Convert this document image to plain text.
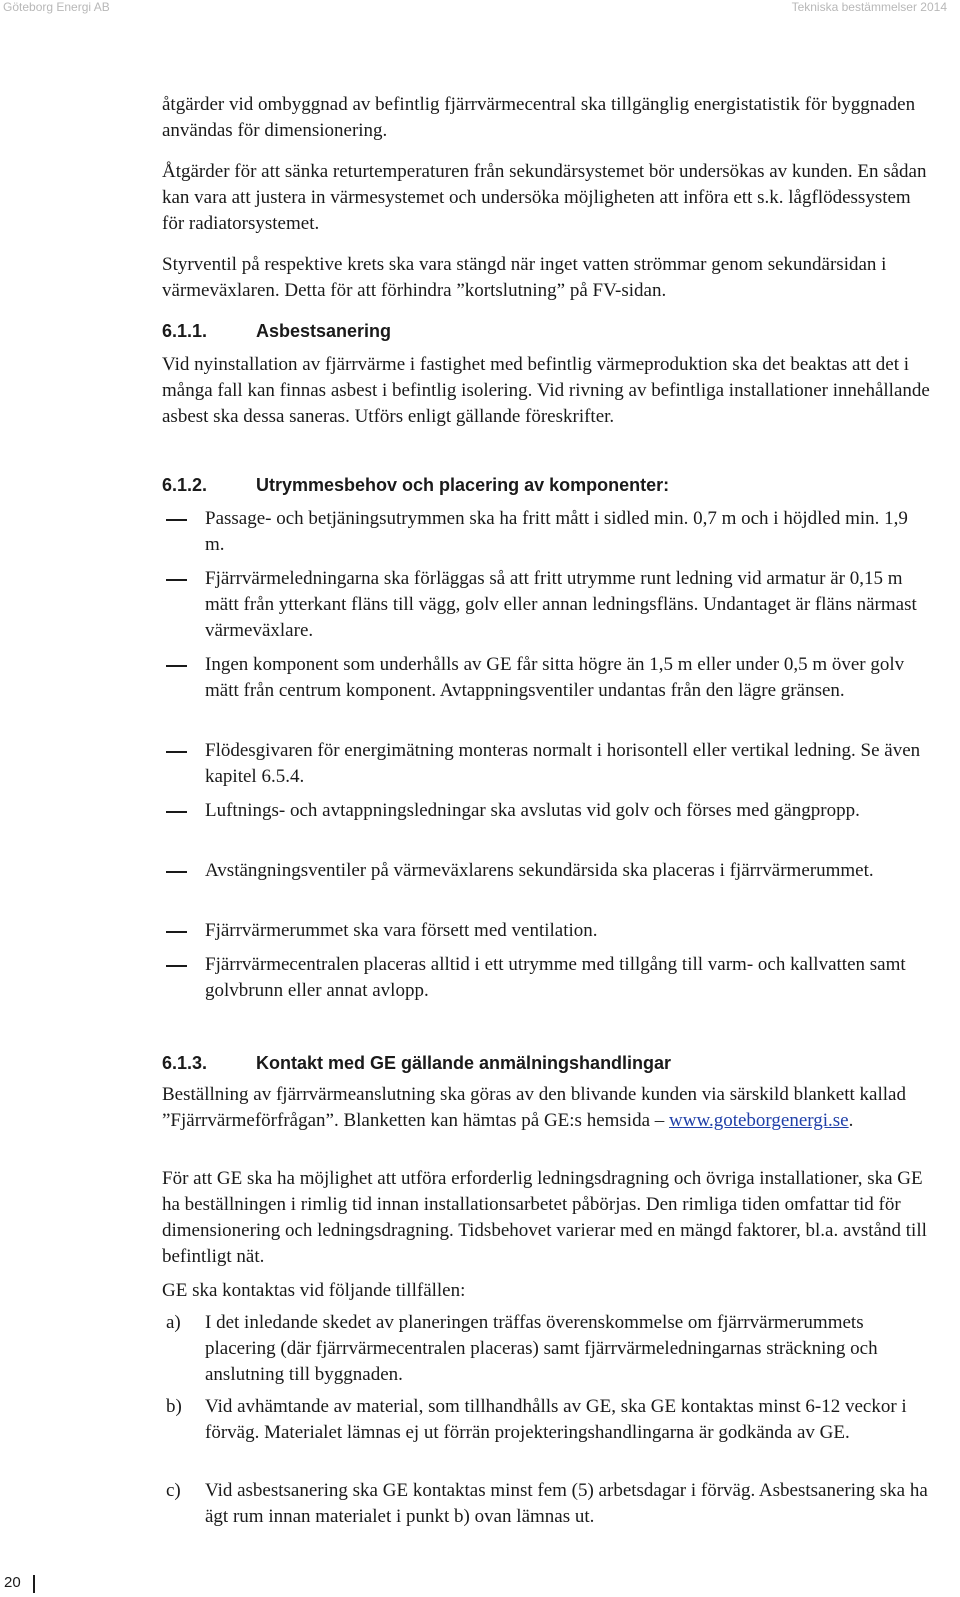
Göteborg Energi AB	Tekniska bestämmelser 2014

åtgärder vid ombyggnad av befintlig fjärrvärmecentral ska tillgänglig energistatistik för byggnaden användas för dimensionering.

Åtgärder för att sänka returtemperaturen från sekundärsystemet bör undersökas av kunden. En sådan kan vara att justera in värmesystemet och undersöka möjligheten att införa ett s.k. lågflödessystem för radiatorsystemet.

Styrventil på respektive krets ska vara stängd när inget vatten strömmar genom sekundärsidan i värmeväxlaren. Detta för att förhindra ”kortslutning” på FV-sidan.

6.1.1.	Asbestsanering

Vid nyinstallation av fjärrvärme i fastighet med befintlig värmeproduktion ska det beaktas att det i många fall kan finnas asbest i befintlig isolering. Vid rivning av befintliga installationer innehållande asbest ska dessa saneras. Utförs enligt gällande föreskrifter.

6.1.2.	Utrymmesbehov och placering av komponenter:
Passage- och betjäningsutrymmen ska ha fritt mått i sidled min. 0,7 m och i höjdled min. 1,9 m.
Fjärrvärmeledningarna ska förläggas så att fritt utrymme runt ledning vid armatur är 0,15 m mätt från ytterkant fläns till vägg, golv eller annan ledningsfläns. Undantaget är fläns närmast värmeväxlare.
Ingen komponent som underhålls av GE får sitta högre än 1,5 m eller under 0,5 m över golv mätt från centrum komponent. Avtappningsventiler undantas från den lägre gränsen.
Flödesgivaren för energimätning monteras normalt i horisontell eller vertikal ledning. Se även kapitel 6.5.4.
Luftnings- och avtappningsledningar ska avslutas vid golv och förses med gängpropp.
Avstängningsventiler på värmeväxlarens sekundärsida ska placeras i fjärrvärmerummet.
Fjärrvärmerummet ska vara försett med ventilation.
Fjärrvärmecentralen placeras alltid i ett utrymme med tillgång till varm- och kallvatten samt golvbrunn eller annat avlopp.
6.1.3.	Kontakt med GE gällande anmälningshandlingar

Beställning av fjärrvärmeanslutning ska göras av den blivande kunden via särskild blankett kallad ”Fjärrvärmeförfrågan”. Blanketten kan hämtas på GE:s hemsida – www.goteborgenergi.se.

För att GE ska ha möjlighet att utföra erforderlig ledningsdragning och övriga installationer, ska GE ha beställningen i rimlig tid innan installationsarbetet påbörjas. Den rimliga tiden omfattar tid för dimensionering och ledningsdragning. Tidsbehovet varierar med en mängd faktorer, bl.a. avstånd till befintligt nät.

GE ska kontaktas vid följande tillfällen:

a) I det inledande skedet av planeringen träffas överenskommelse om fjärrvärmerummets placering (där fjärrvärmecentralen placeras) samt fjärrvärmeledningarnas sträckning och anslutning till byggnaden.
b) Vid avhämtande av material, som tillhandhålls av GE, ska GE kontaktas minst 6-12 veckor i förväg. Materialet lämnas ej ut förrän projekteringshandlingarna är godkända av GE.
c) Vid asbestsanering ska GE kontaktas minst fem (5) arbetsdagar i förväg. Asbestsanering ska ha ägt rum innan materialet i punkt b) ovan lämnas ut.
20
